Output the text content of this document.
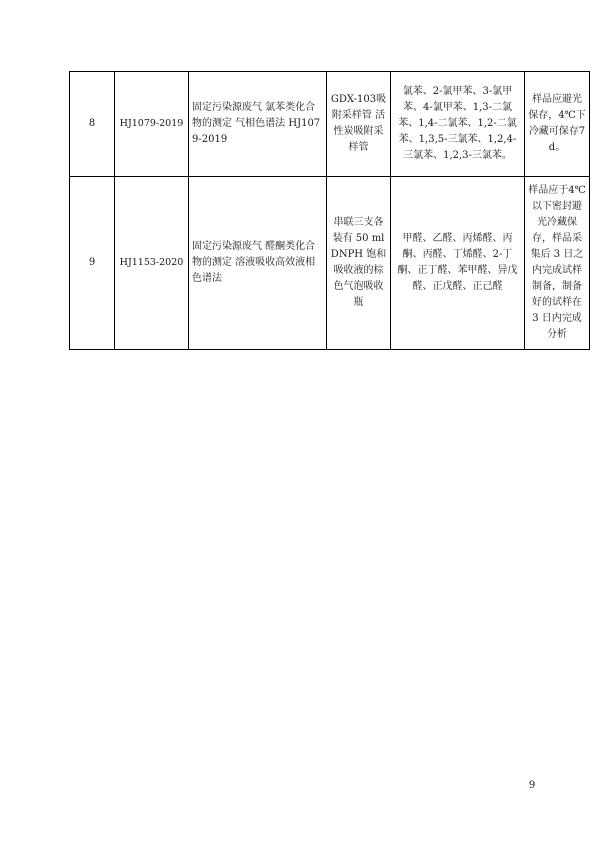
8	HJ1079-2019	固定污染源废气 氯苯类化合物的测定 气相色谱法 HJ1079-2019	GDX-103吸附采样管 活性炭吸附采样管	氯苯、2-氯甲苯、3-氯甲苯、4-氯甲苯、1,3-二氯苯、1,4-二氯苯、1,2-二氯苯、1,3,5-三氯苯、1,2,4-三氯苯、1,2,3-三氯苯。	样品应避光保存，4℃下冷藏可保存7d。

9	HJ1153-2020	固定污染源废气 醛酮类化合物的测定 溶液吸收高效液相色谱法	串联三支各装有 50 ml DNPH 饱和吸收液的棕色气泡吸收瓶	甲醛、乙醛、丙烯醛、丙酮、丙醛、丁烯醛、2-丁酮、正丁醛、苯甲醛、异戊醛、正戊醛、正己醛	样品应于4℃以下密封避光冷藏保存，样品采集后 3 日之内完成试样制备，制备好的试样在 3 日内完成分析
9
